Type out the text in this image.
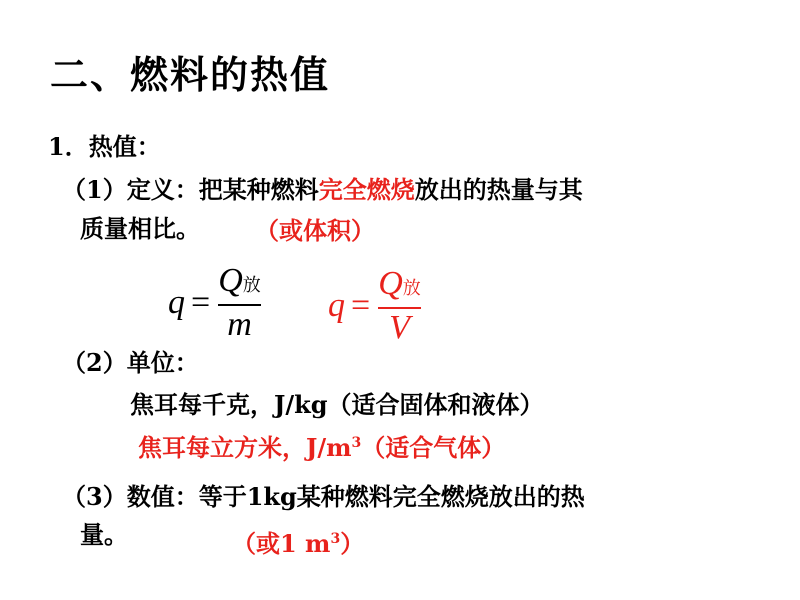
二、燃料的热值
1．热值：
（1）定义：把某种燃料完全燃烧放出的热量与其
质量相比。 （或体积）
$q = \frac{\text{Q放}}{m}$ $q = \frac{\text{Q放}}{V}$
（2）单位：
焦耳每千克，J/kg（适合固体和液体）
焦耳每立方米，$J/m^3$（适合气体）
（3）数值：等于1kg某种燃料完全燃烧放出的热
量。	（或1 $m^3$）
